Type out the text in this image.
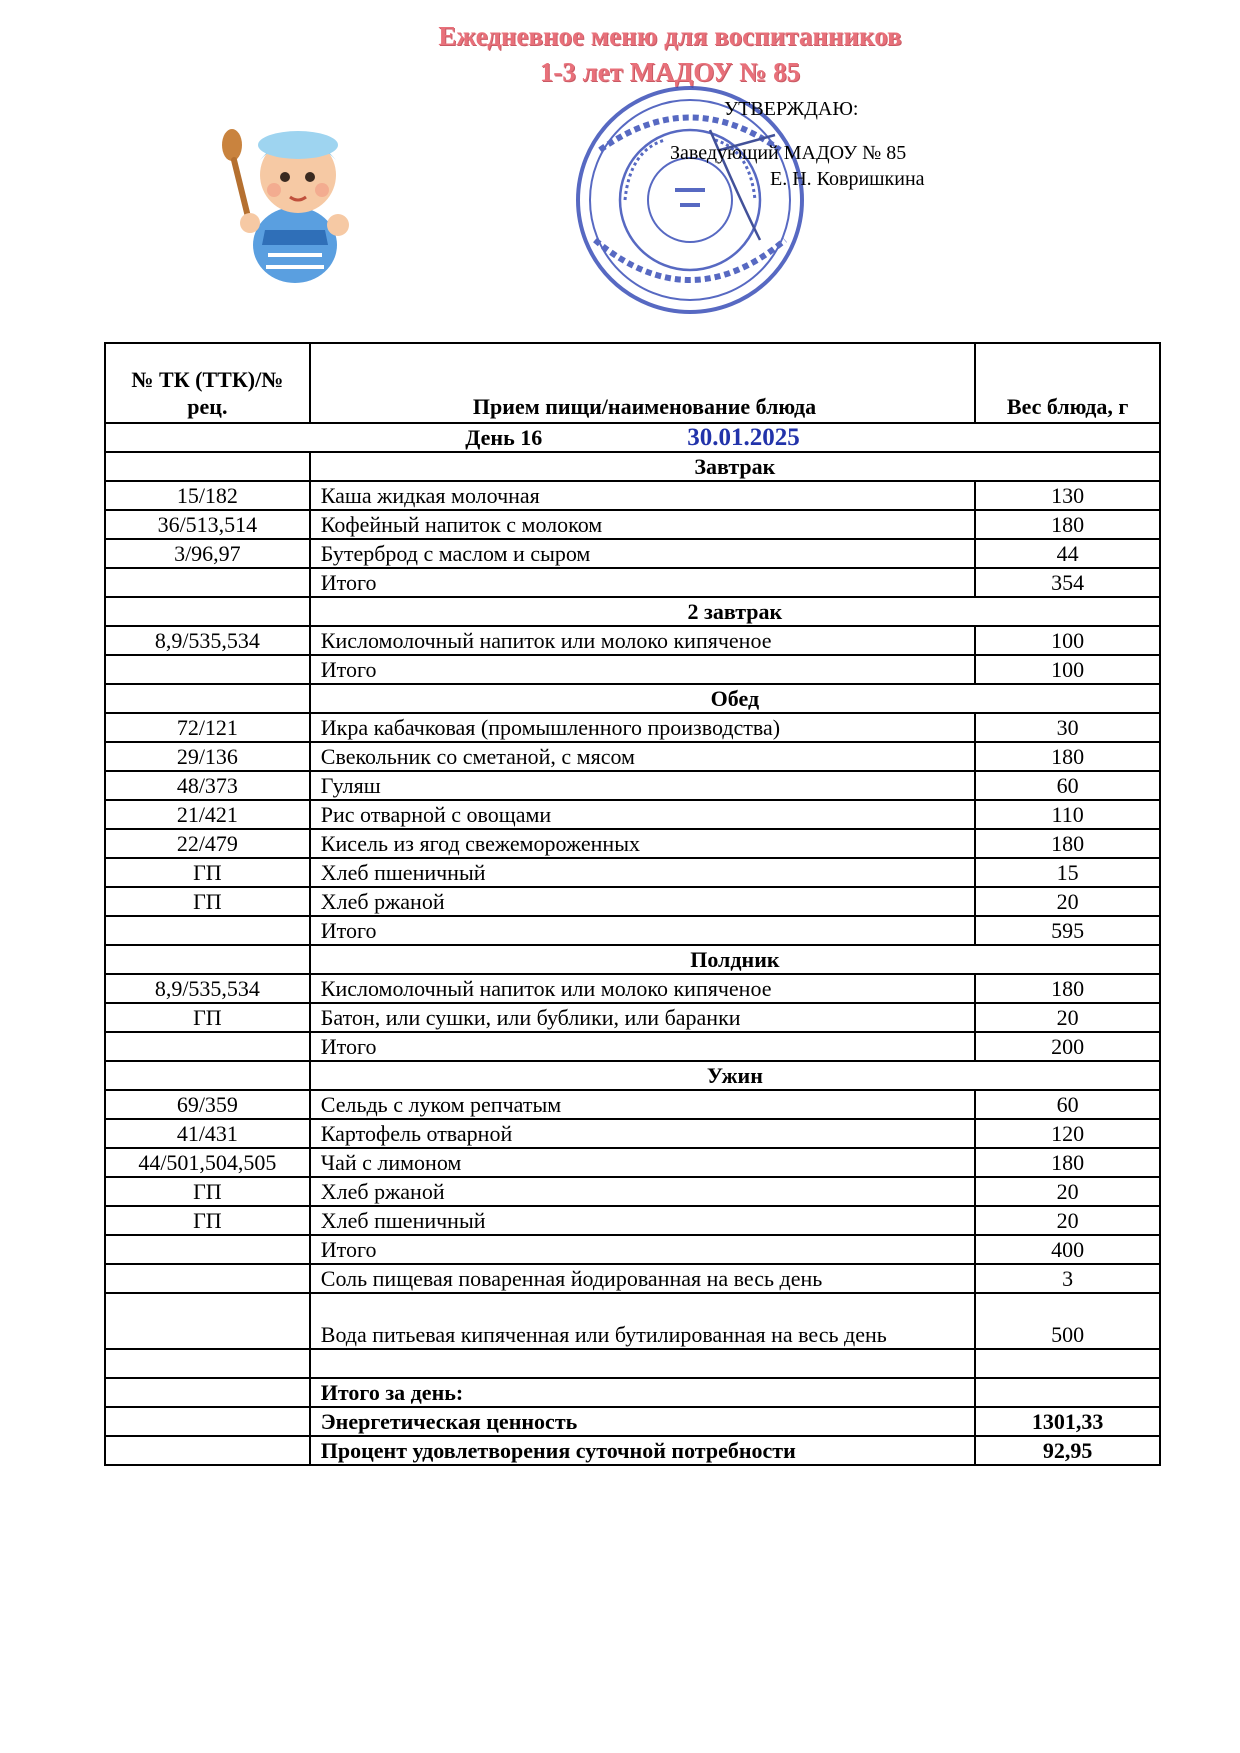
Ежедневное меню для воспитанников
1-3 лет МАДОУ № 85
УТВЕРЖДАЮ:
Заведующий МАДОУ № 85
Е. Н. Ковришкина
№ ТК (ТТК)/№ рец.	Прием пищи/наименование блюда	Вес блюда, г
День 16 30.01.2025		
	Завтрак	
15/182	Каша жидкая молочная	130
36/513,514	Кофейный напиток с молоком	180
3/96,97	Бутерброд с маслом и сыром	44
	Итого	354
	2 завтрак	
8,9/535,534	Кисломолочный напиток или молоко кипяченое	100
	Итого	100
	Обед	
72/121	Икра кабачковая (промышленного производства)	30
29/136	Свекольник со сметаной, с мясом	180
48/373	Гуляш	60
21/421	Рис отварной с овощами	110
22/479	Кисель из ягод свежемороженных	180
ГП	Хлеб пшеничный	15
ГП	Хлеб ржаной	20
	Итого	595
	Полдник	
8,9/535,534	Кисломолочный напиток или молоко кипяченое	180
ГП	Батон, или сушки, или бублики, или баранки	20
	Итого	200
	Ужин	
69/359	Сельдь с луком репчатым	60
41/431	Картофель отварной	120
44/501,504,505	Чай с лимоном	180
ГП	Хлеб ржаной	20
ГП	Хлеб пшеничный	20
	Итого	400
	Соль пищевая поваренная йодированная на весь день	3
	Вода питьевая кипяченная или бутилированная на весь день	500

	Итого за день:	
	Энергетическая ценность	1301,33
	Процент удовлетворения суточной потребности	92,95
